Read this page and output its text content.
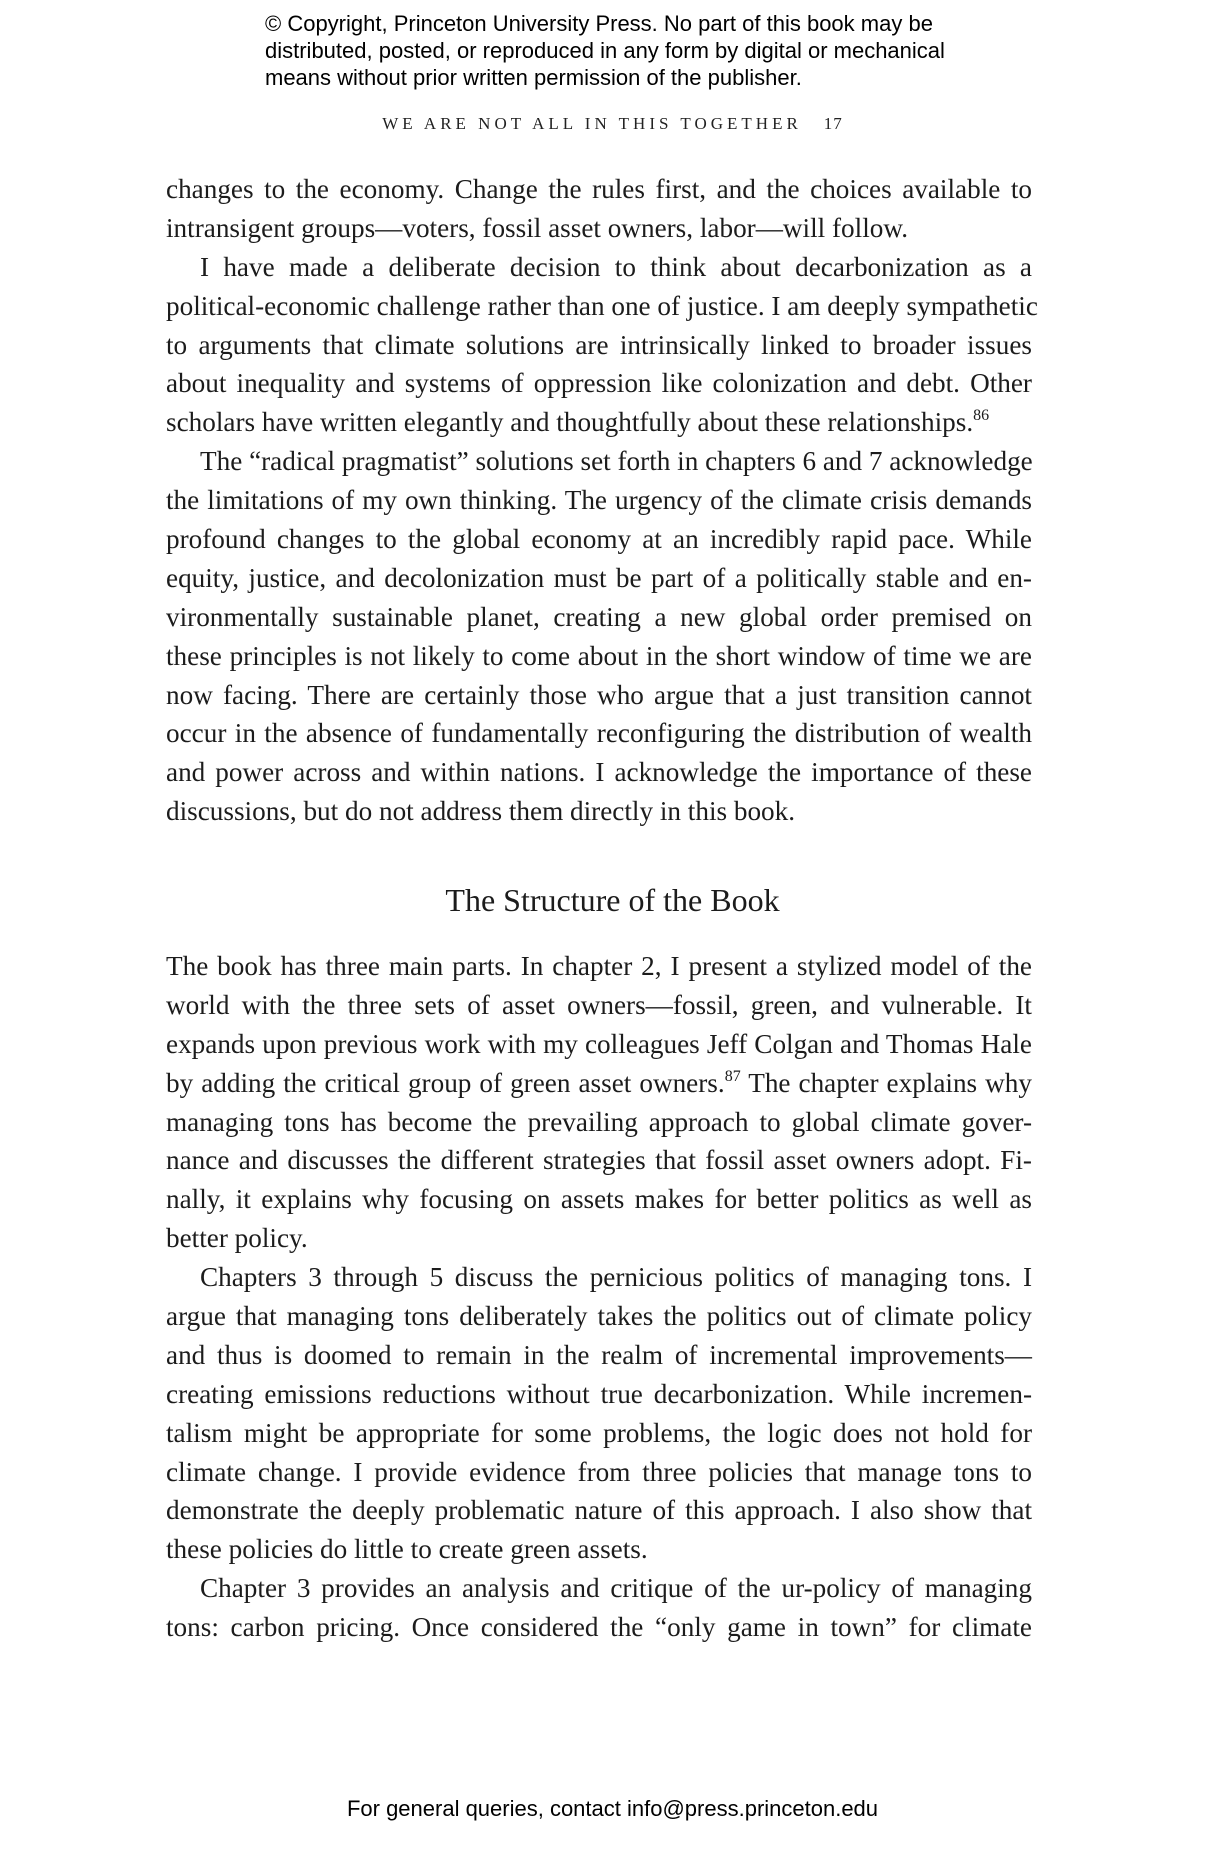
© Copyright, Princeton University Press. No part of this book may be
distributed, posted, or reproduced in any form by digital or mechanical
means without prior written permission of the publisher.
WE ARE NOT ALL IN THIS TOGETHER 17
changes to the economy. Change the rules first, and the choices available to
intransigent groups—voters, fossil asset owners, labor—will follow.
I have made a deliberate decision to think about decarbonization as a
political-economic challenge rather than one of justice. I am deeply sympathetic
to arguments that climate solutions are intrinsically linked to broader issues
about inequality and systems of oppression like colonization and debt. Other
scholars have written elegantly and thoughtfully about these relationships.$^{86}$
The “radical pragmatist” solutions set forth in chapters 6 and 7 acknowledge
the limitations of my own thinking. The urgency of the climate crisis demands
profound changes to the global economy at an incredibly rapid pace. While
equity, justice, and decolonization must be part of a politically stable and en-
vironmentally sustainable planet, creating a new global order premised on
these principles is not likely to come about in the short window of time we are
now facing. There are certainly those who argue that a just transition cannot
occur in the absence of fundamentally reconfiguring the distribution of wealth
and power across and within nations. I acknowledge the importance of these
discussions, but do not address them directly in this book.
The Structure of the Book
The book has three main parts. In chapter 2, I present a stylized model of the
world with the three sets of asset owners—fossil, green, and vulnerable. It
expands upon previous work with my colleagues Jeff Colgan and Thomas Hale
by adding the critical group of green asset owners.$^{87}$ The chapter explains why
managing tons has become the prevailing approach to global climate gover-
nance and discusses the different strategies that fossil asset owners adopt. Fi-
nally, it explains why focusing on assets makes for better politics as well as
better policy.
Chapters 3 through 5 discuss the pernicious politics of managing tons. I
argue that managing tons deliberately takes the politics out of climate policy
and thus is doomed to remain in the realm of incremental improvements—
creating emissions reductions without true decarbonization. While incremen-
talism might be appropriate for some problems, the logic does not hold for
climate change. I provide evidence from three policies that manage tons to
demonstrate the deeply problematic nature of this approach. I also show that
these policies do little to create green assets.
Chapter 3 provides an analysis and critique of the ur-policy of managing
tons: carbon pricing. Once considered the “only game in town” for climate
For general queries, contact info@press.princeton.edu
